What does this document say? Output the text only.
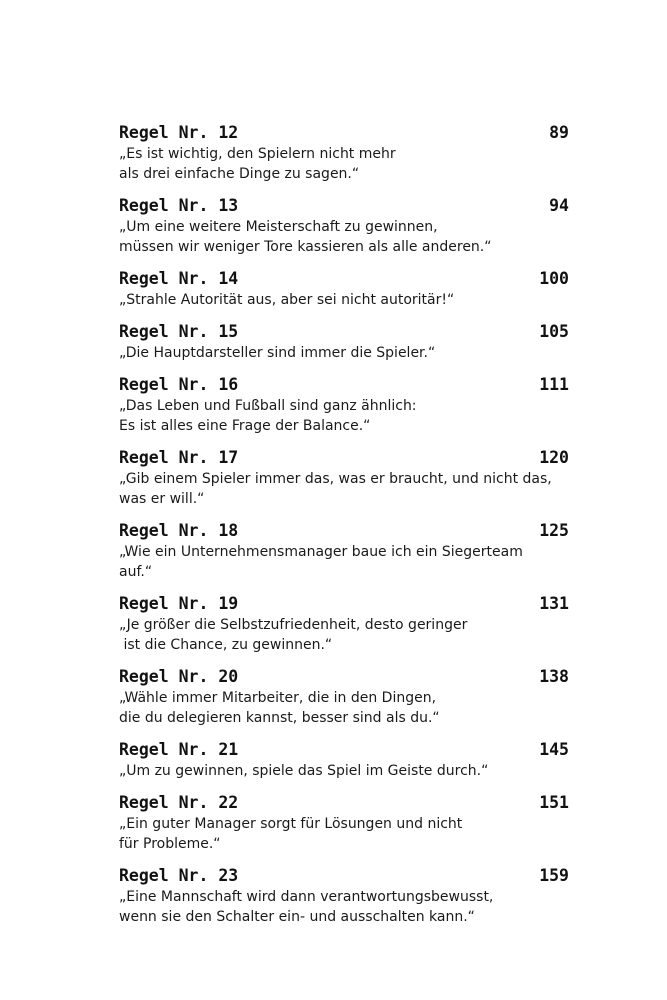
Regel Nr. 12	89
„Es ist wichtig, den Spielern nicht mehr
als drei einfache Dinge zu sagen.“
Regel Nr. 13	94
„Um eine weitere Meisterschaft zu gewinnen,
müssen wir weniger Tore kassieren als alle anderen.“
Regel Nr. 14	100
„Strahle Autorität aus, aber sei nicht autoritär!“
Regel Nr. 15	105
„Die Hauptdarsteller sind immer die Spieler.“
Regel Nr. 16	111
„Das Leben und Fußball sind ganz ähnlich:
Es ist alles eine Frage der Balance.“
Regel Nr. 17	120
„Gib einem Spieler immer das, was er braucht, und nicht das,
was er will.“
Regel Nr. 18	125
„Wie ein Unternehmensmanager baue ich ein Siegerteam
auf.“
Regel Nr. 19	131
„Je größer die Selbstzufriedenheit, desto geringer
ist die Chance, zu gewinnen.“
Regel Nr. 20	138
„Wähle immer Mitarbeiter, die in den Dingen,
die du delegieren kannst, besser sind als du.“
Regel Nr. 21	145
„Um zu gewinnen, spiele das Spiel im Geiste durch.“
Regel Nr. 22	151
„Ein guter Manager sorgt für Lösungen und nicht
für Probleme.“
Regel Nr. 23	159
„Eine Mannschaft wird dann verantwortungsbewusst,
wenn sie den Schalter ein- und ausschalten kann.“
